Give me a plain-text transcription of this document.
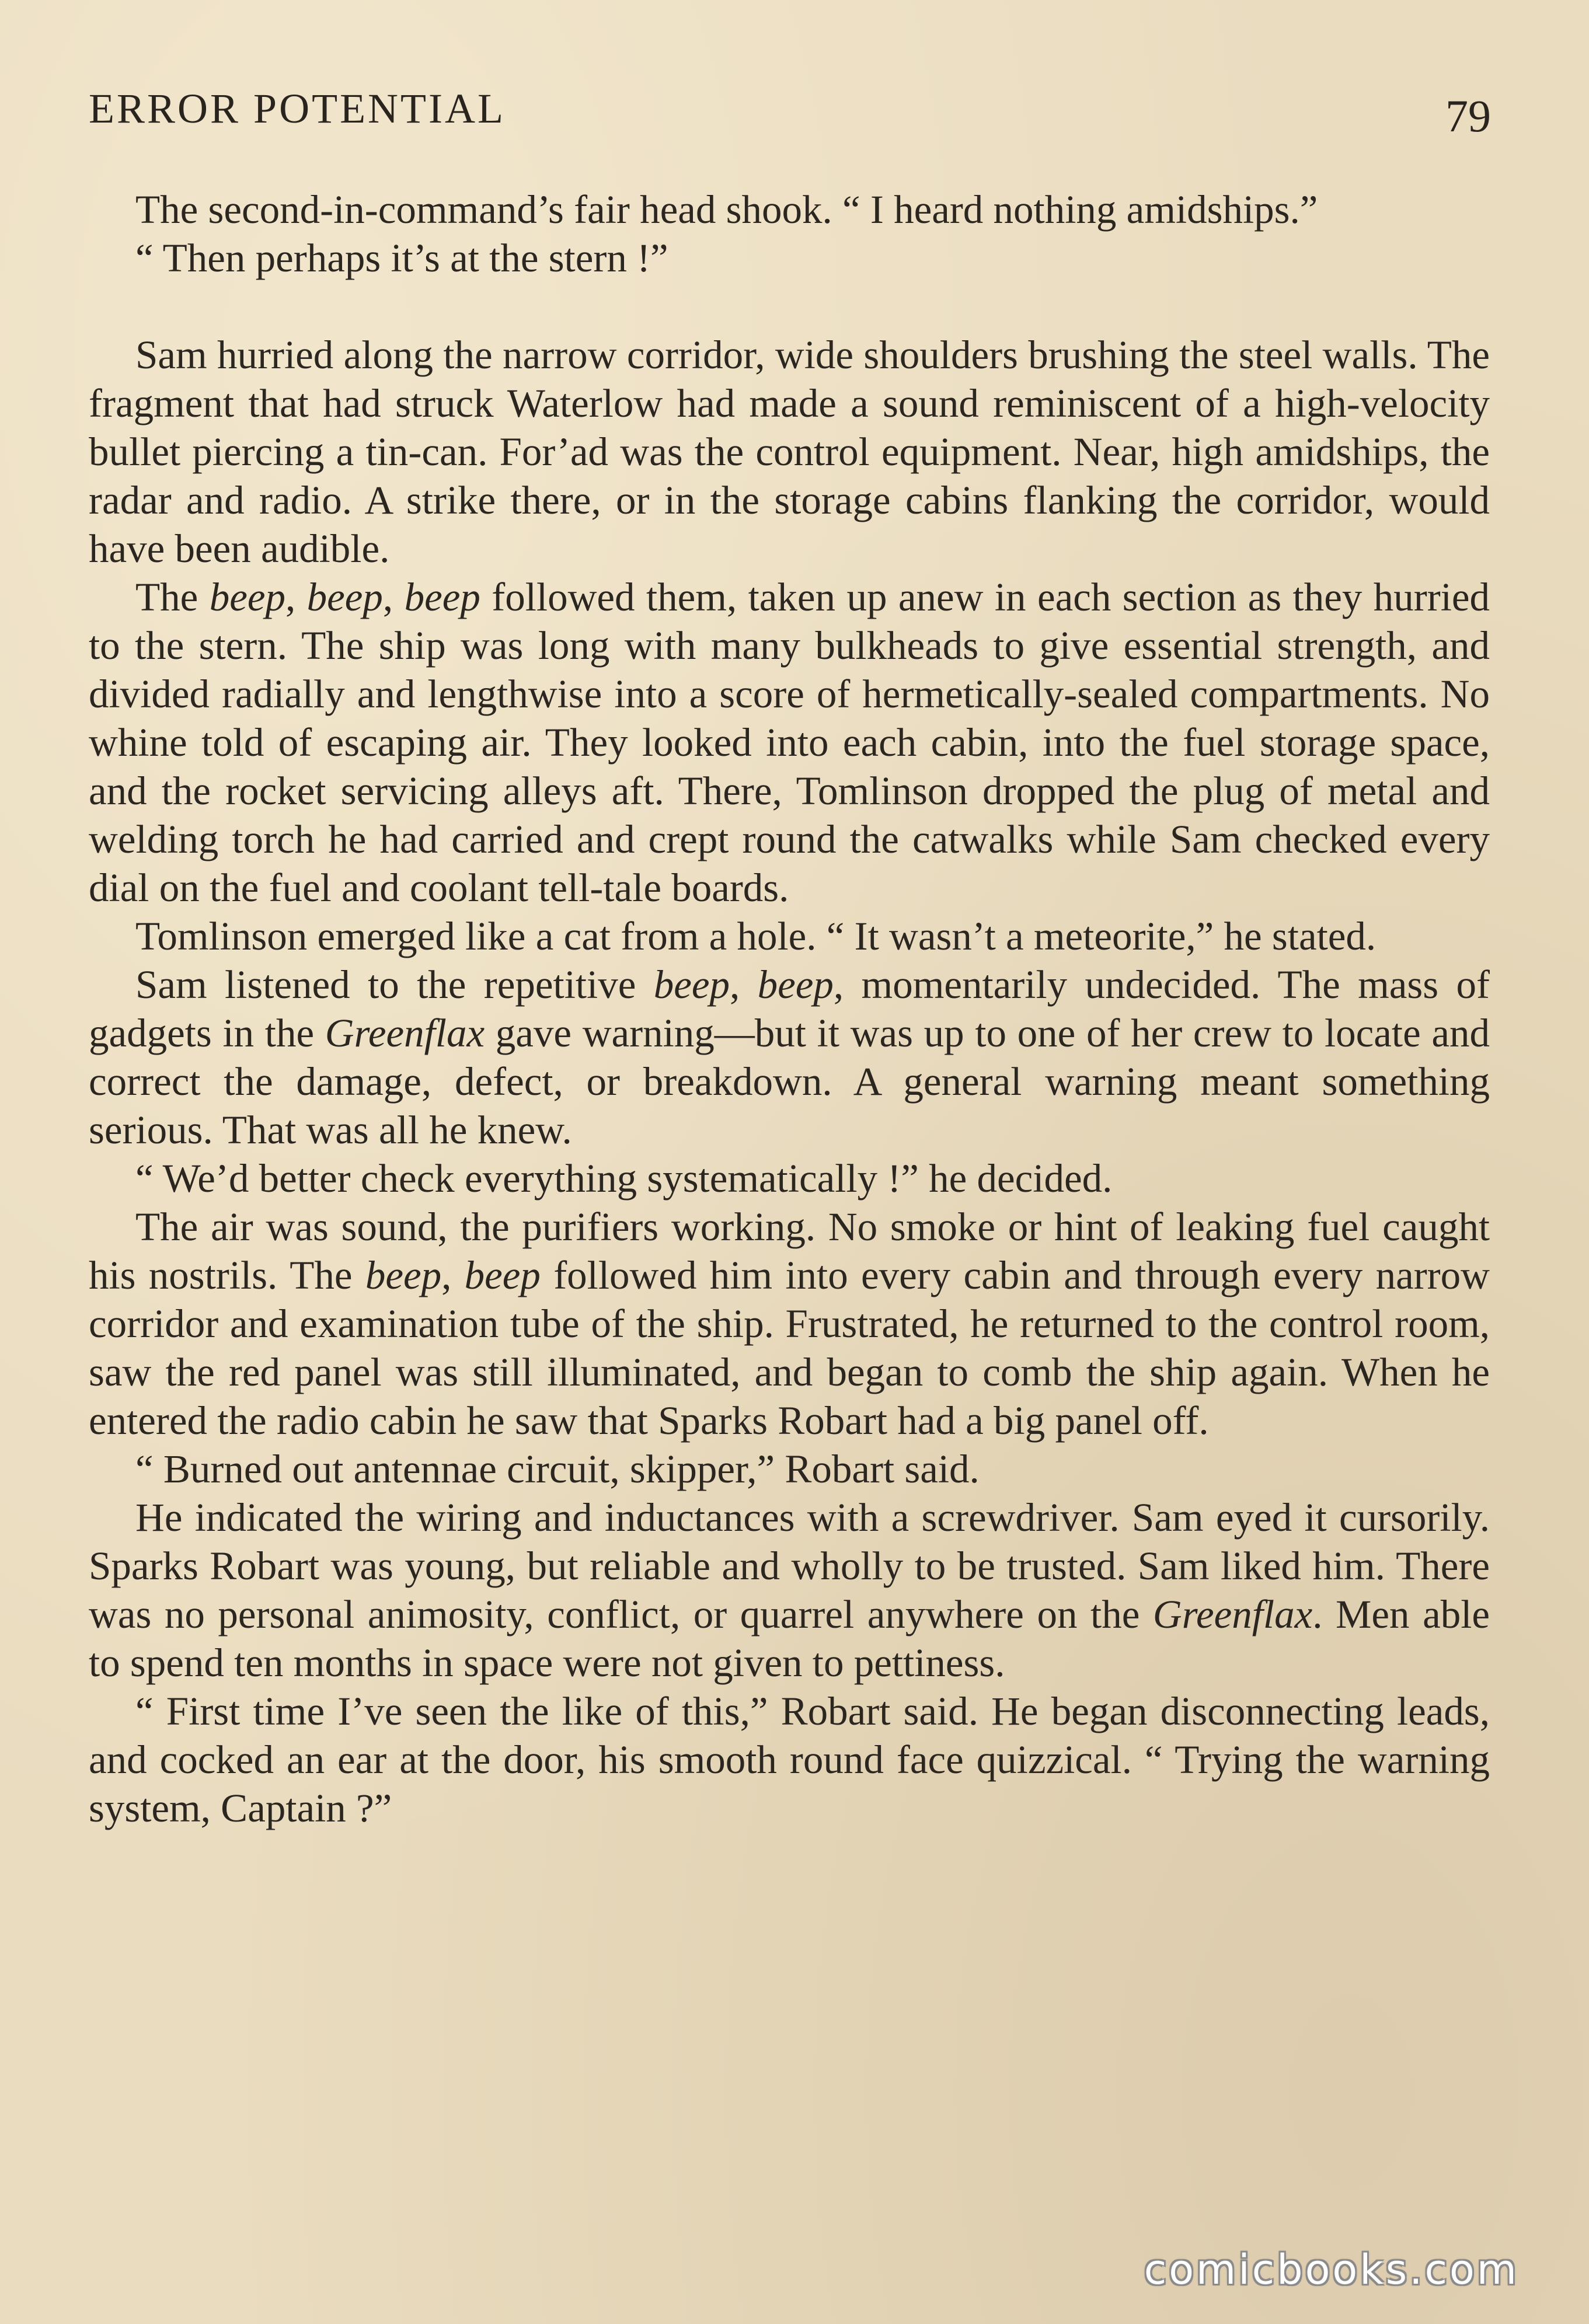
ERROR POTENTIAL	79

The second-in-command’s fair head shook. “ I heard nothing amidships.”

“ Then perhaps it’s at the stern !”

Sam hurried along the narrow corridor, wide shoulders brushing the steel walls. The fragment that had struck Waterlow had made a sound reminiscent of a high-velocity bullet piercing a tin-can. For’ad was the control equipment. Near, high amidships, the radar and radio. A strike there, or in the storage cabins flanking the corridor, would have been audible.

The beep, beep, beep followed them, taken up anew in each section as they hurried to the stern. The ship was long with many bulkheads to give essential strength, and divided radially and lengthwise into a score of hermetically-sealed compartments. No whine told of escaping air. They looked into each cabin, into the fuel storage space, and the rocket servicing alleys aft. There, Tomlinson dropped the plug of metal and welding torch he had carried and crept round the catwalks while Sam checked every dial on the fuel and coolant tell-tale boards.

Tomlinson emerged like a cat from a hole. “ It wasn’t a meteorite,” he stated.

Sam listened to the repetitive beep, beep, momentarily undecided. The mass of gadgets in the Greenflax gave warning—but it was up to one of her crew to locate and correct the damage, defect, or breakdown. A general warning meant something serious. That was all he knew.

“ We’d better check everything systematically !” he decided.

The air was sound, the purifiers working. No smoke or hint of leaking fuel caught his nostrils. The beep, beep followed him into every cabin and through every narrow corridor and examination tube of the ship. Frustrated, he returned to the control room, saw the red panel was still illuminated, and began to comb the ship again. When he entered the radio cabin he saw that Sparks Robart had a big panel off.

“ Burned out antennae circuit, skipper,” Robart said.

He indicated the wiring and inductances with a screwdriver. Sam eyed it cursorily. Sparks Robart was young, but reliable and wholly to be trusted. Sam liked him. There was no personal animosity, conflict, or quarrel anywhere on the Greenflax. Men able to spend ten months in space were not given to pettiness.

“ First time I’ve seen the like of this,” Robart said. He began disconnecting leads, and cocked an ear at the door, his smooth round face quizzical. “ Trying the warning system, Captain ?”

comicbooks.com
